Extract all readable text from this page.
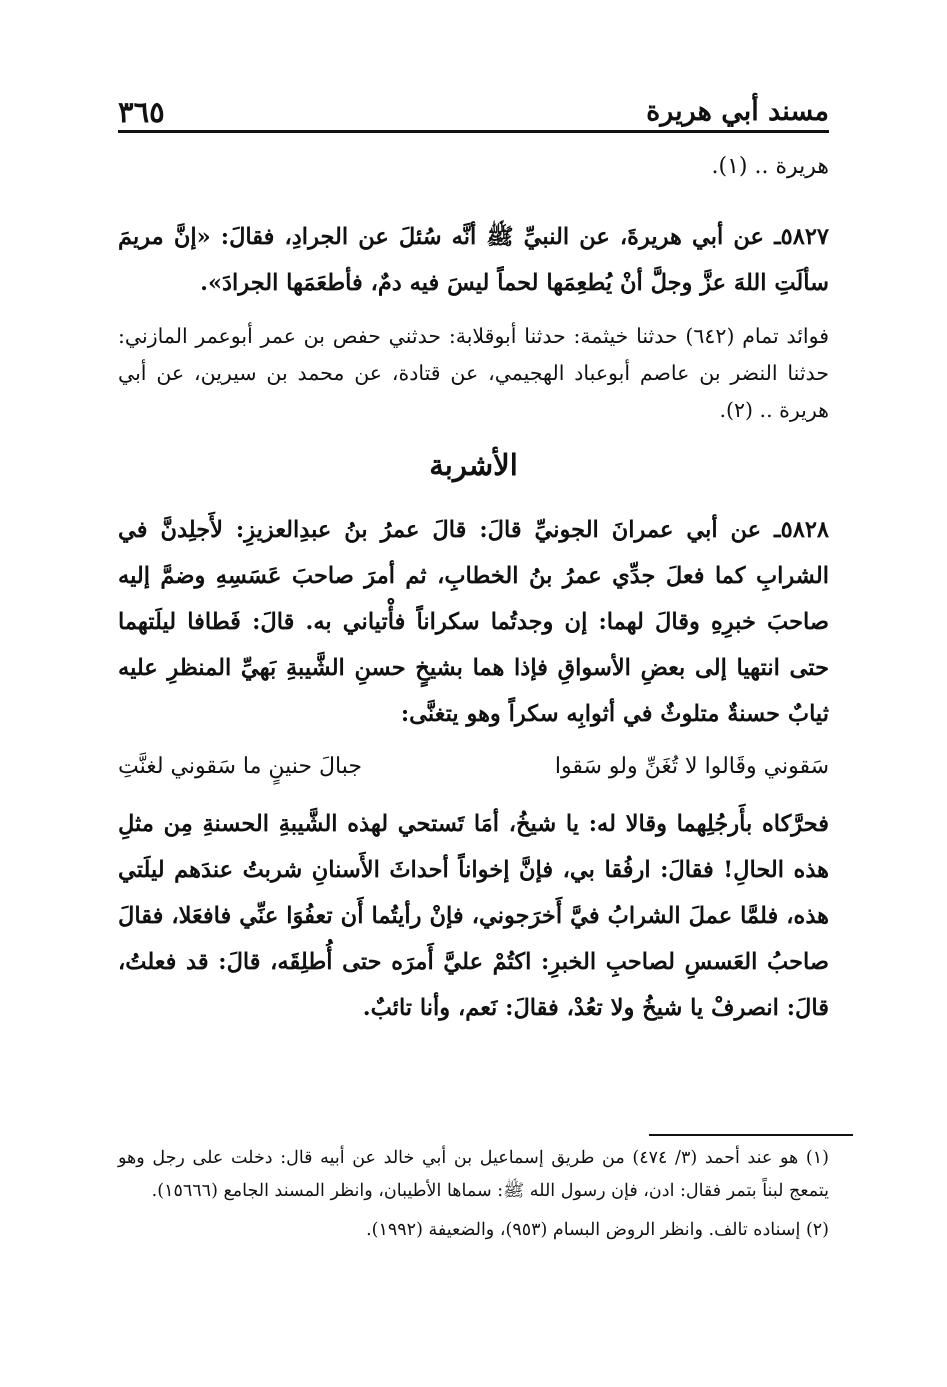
مسند أبي هريرة
٣٦٥

هريرة .. (١).

٥٨٢٧ـ عن أبي هريرةَ، عن النبيِّ ﷺ أنَّه سُئلَ عن الجرادِ، فقالَ: «إنَّ مريمَ سألَتِ اللهَ عزَّ وجلَّ أنْ يُطعِمَها لحماً ليسَ فيه دمٌ، فأطعَمَها الجرادَ».

فوائد تمام (٦٤٢) حدثنا خيثمة: حدثنا أبوقلابة: حدثني حفص بن عمر أبوعمر المازني: حدثنا النضر بن عاصم أبوعباد الهجيمي، عن قتادة، عن محمد بن سيرين، عن أبي هريرة .. (٢).

الأشربة

٥٨٢٨ـ عن أبي عمرانَ الجونيِّ قالَ: قالَ عمرُ بنُ عبدِالعزيزِ: لأَجلِدنَّ في الشرابِ كما فعلَ جدِّي عمرُ بنُ الخطابِ، ثم أمرَ صاحبَ عَسَسِهِ وضمَّ إليه صاحبَ خبرِهِ وقالَ لهما: إن وجدتُما سكراناً فأْتياني به. قالَ: فَطافا ليلَتهما حتى انتهيا إلى بعضِ الأسواقِ فإذا هما بشيخٍ حسنِ الشَّيبةِ بَهيِّ المنظرِ عليه ثيابٌ حسنةٌ متلوثٌ في أثوابِه سكراً وهو يتغنَّى:

سَقوني وقَالوا لا تُغَنِّ ولو سَقوا
جبالَ حنينٍ ما سَقوني لغنَّتِ

فحرَّكاه بأَرجُلِهما وقالا له: يا شيخُ، أمَا تَستحي لهذه الشَّيبةِ الحسنةِ مِن مثلِ هذه الحالِ! فقالَ: ارفُقا بي، فإنَّ إخواناً أحداثَ الأَسنانِ شربتُ عندَهم ليلَتي هذه، فلمَّا عملَ الشرابُ فيَّ أَخرَجوني، فإنْ رأيتُما أَن تعفُوَا عنِّي فافعَلا، فقالَ صاحبُ العَسسِ لصاحبِ الخبرِ: اكتُمْ عليَّ أَمرَه حتى أُطلِقَه، قالَ: قد فعلتُ، قالَ: انصرفْ يا شيخُ ولا تعُدْ، فقالَ: نَعم، وأنا تائبٌ.

(١) هو عند أحمد (٣/ ٤٧٤) من طريق إسماعيل بن أبي خالد عن أبيه قال: دخلت على رجل وهو يتمعج لبناً بتمر فقال: ادن، فإن رسول الله ﷺ: سماها الأطيبان، وانظر المسند الجامع (١٥٦٦٦).

(٢) إسناده تالف. وانظر الروض البسام (٩٥٣)، والضعيفة (١٩٩٢).
